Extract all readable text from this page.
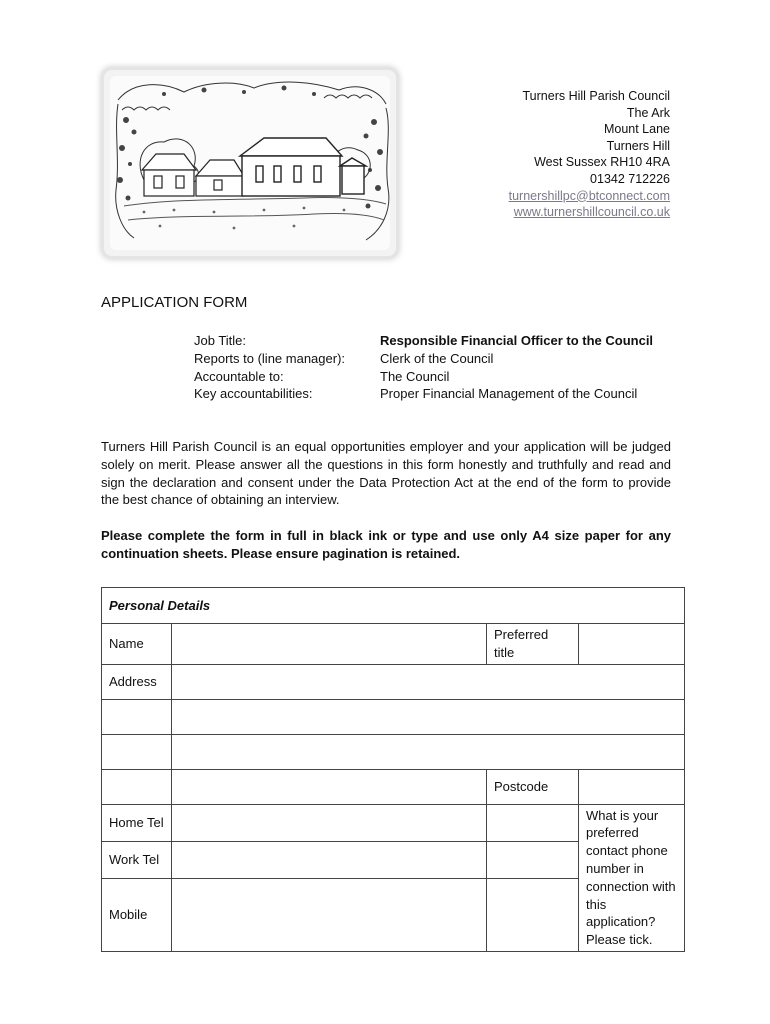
Turners Hill Parish Council
The Ark
Mount Lane
Turners Hill
West Sussex RH10 4RA
01342 712226
turnershillpc@btconnect.com
www.turnershillcouncil.co.uk
APPLICATION FORM
Job Title:	Responsible Financial Officer to the Council
Reports to (line manager):	Clerk of the Council
Accountable to:	The Council
Key accountabilities:	Proper Financial Management of the Council

Turners Hill Parish Council is an equal opportunities employer and your application will be judged solely on merit. Please answer all the questions in this form honestly and truthfully and read and sign the declaration and consent under the Data Protection Act at the end of the form to provide the best chance of obtaining an interview.

Please complete the form in full in black ink or type and use only A4 size paper for any continuation sheets. Please ensure pagination is retained.

Personal Details			
Name		Preferred title	
Address			

		Postcode	
Home Tel			What is your preferred contact phone number in connection with this application? Please tick.
Work Tel			
Mobile			
